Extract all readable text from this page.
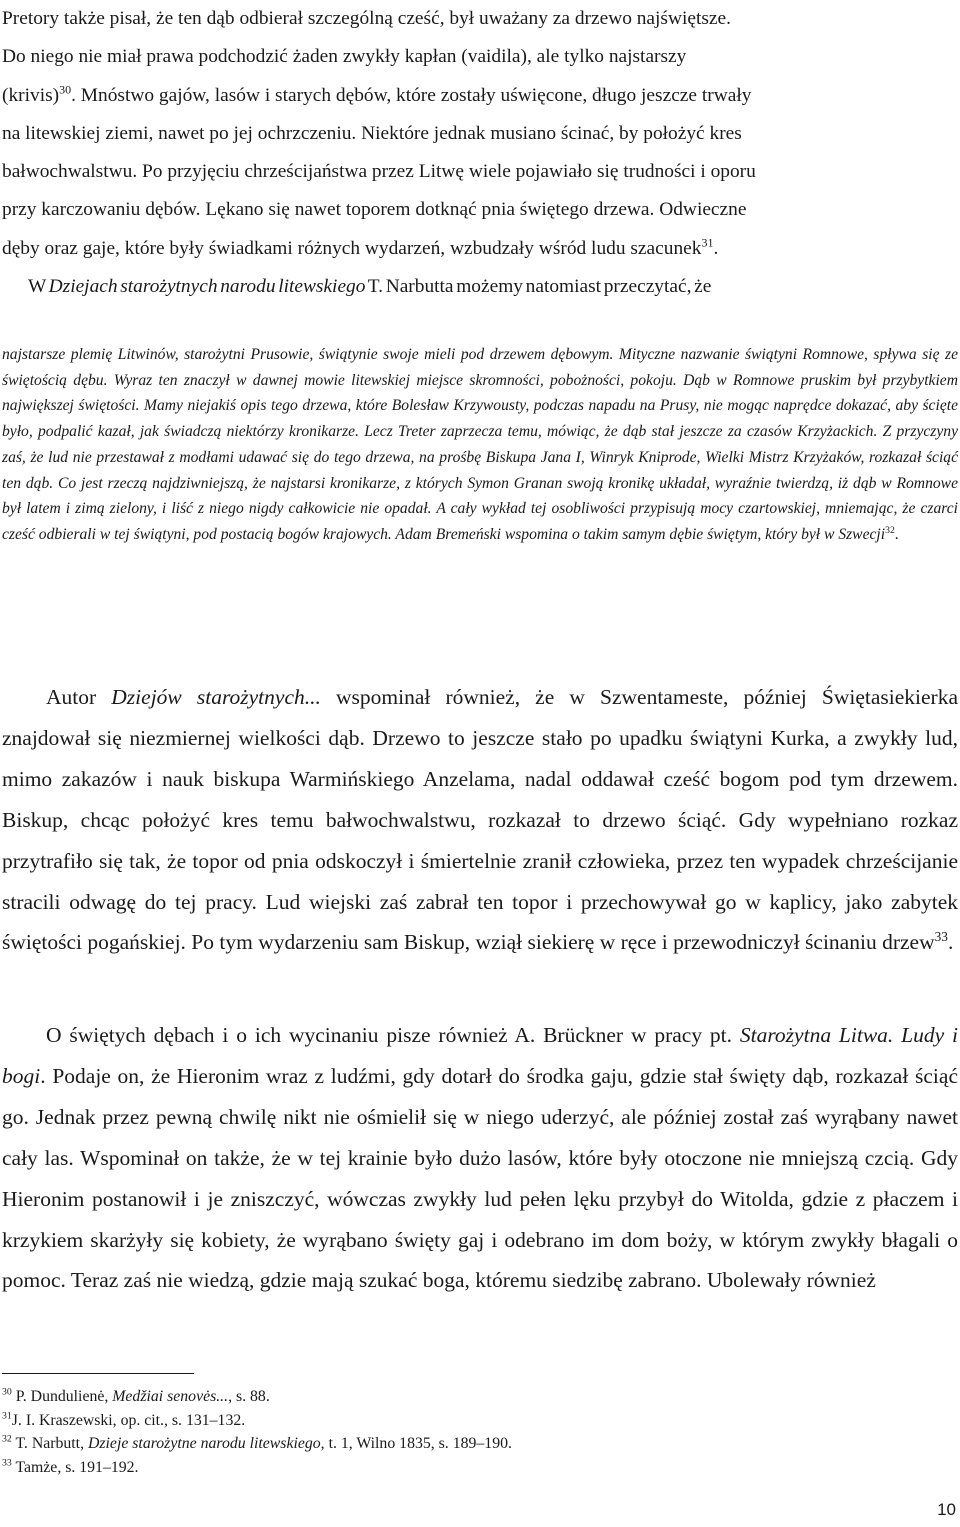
Pretory także pisał, że ten dąb odbierał szczególną cześć, był uważany za drzewo najświętsze.
Do niego nie miał prawa podchodzić żaden zwykły kapłan (vaidila), ale tylko najstarszy
(krivis)$^{30}$. Mnóstwo gajów, lasów i starych dębów, które zostały uświęcone, długo jeszcze trwały
na litewskiej ziemi, nawet po jej ochrzczeniu. Niektóre jednak musiano ścinać, by położyć kres
bałwochwalstwu. Po przyjęciu chrześcijaństwa przez Litwę wiele pojawiało się trudności i oporu
przy karczowaniu dębów. Lękano się nawet toporem dotknąć pnia świętego drzewa. Odwieczne
dęby oraz gaje, które były świadkami różnych wydarzeń, wzbudzały wśród ludu szacunek$^{31}$.
W Dziejach starożytnych narodu litewskiego T. Narbutta możemy natomiast przeczytać, że
najstarsze plemię Litwinów, starożytni Prusowie, świątynie swoje mieli pod drzewem dębowym. Mityczne nazwanie świątyni Romnowe, spływa się ze świętością dębu. Wyraz ten znaczył w dawnej mowie litewskiej miejsce skromności, pobożności, pokoju. Dąb w Romnowe pruskim był przybytkiem największej świętości. Mamy niejakiś opis tego drzewa, które Bolesław Krzywousty, podczas napadu na Prusy, nie mogąc naprędce dokazać, aby ścięte było, podpalić kazał, jak świadczą niektórzy kronikarze. Lecz Treter zaprzecza temu, mówiąc, że dąb stał jeszcze za czasów Krzyżackich. Z przyczyny zaś, że lud nie przestawał z modłami udawać się do tego drzewa, na prośbę Biskupa Jana I, Winryk Kniprode, Wielki Mistrz Krzyżaków, rozkazał ściąć ten dąb. Co jest rzeczą najdziwniejszą, że najstarsi kronikarze, z których Symon Granan swoją kronikę układał, wyraźnie twierdzą, iż dąb w Romnowe był latem i zimą zielony, i liść z niego nigdy całkowicie nie opadał. A cały wykład tej osobliwości przypisują mocy czartowskiej, mniemając, że czarci cześć odbierali w tej świątyni, pod postacią bogów krajowych. Adam Bremeński wspomina o takim samym dębie świętym, który był w Szwecji$^{32}$.
Autor Dziejów starożytnych... wspominał również, że w Szwentameste, później Świętasiekierka znajdował się niezmiernej wielkości dąb. Drzewo to jeszcze stało po upadku świątyni Kurka, a zwykły lud, mimo zakazów i nauk biskupa Warmińskiego Anzelama, nadal oddawał cześć bogom pod tym drzewem. Biskup, chcąc położyć kres temu bałwochwalstwu, rozkazał to drzewo ściąć. Gdy wypełniano rozkaz przytrafiło się tak, że topor od pnia odskoczył i śmiertelnie zranił człowieka, przez ten wypadek chrześcijanie stracili odwagę do tej pracy. Lud wiejski zaś zabrał ten topor i przechowywał go w kaplicy, jako zabytek świętości pogańskiej. Po tym wydarzeniu sam Biskup, wziął siekierę w ręce i przewodniczył ścinaniu drzew$^{33}$.
O świętych dębach i o ich wycinaniu pisze również A. Brückner w pracy pt. Starożytna Litwa. Ludy i bogi. Podaje on, że Hieronim wraz z ludźmi, gdy dotarł do środka gaju, gdzie stał święty dąb, rozkazał ściąć go. Jednak przez pewną chwilę nikt nie ośmielił się w niego uderzyć, ale później został zaś wyrąbany nawet cały las. Wspominał on także, że w tej krainie było dużo lasów, które były otoczone nie mniejszą czcią. Gdy Hieronim postanowił i je zniszczyć, wówczas zwykły lud pełen lęku przybył do Witolda, gdzie z płaczem i krzykiem skarżyły się kobiety, że wyrąbano święty gaj i odebrano im dom boży, w którym zwykły błagali o pomoc. Teraz zaś nie wiedzą, gdzie mają szukać boga, któremu siedzibę zabrano. Ubolewały również
$^{30}$ P. Dundulienė, Medžiai senovės..., s. 88.
$^{31}$J. I. Kraszewski, op. cit., s. 131–132.
$^{32}$ T. Narbutt, Dzieje starożytne narodu litewskiego, t. 1, Wilno 1835, s. 189–190.
$^{33}$ Tamże, s. 191–192.
10
